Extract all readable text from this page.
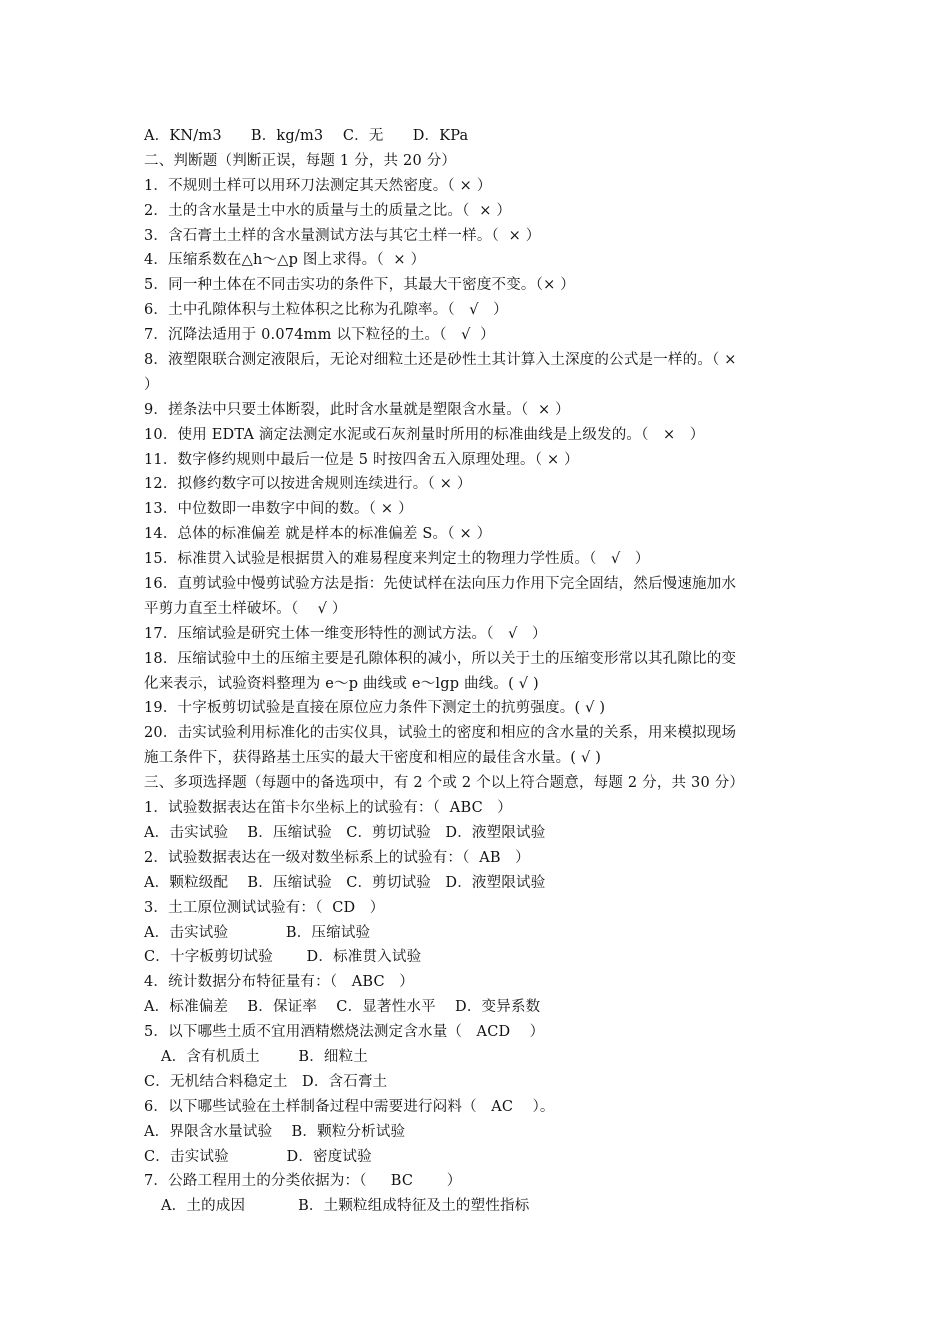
A．KN/m3 　  B．kg/m3 　C．无　   D．KPa
二、判断题（判断正误，每题 1 分，共 20 分）
1．不规则土样可以用环刀法测定其天然密度。（ × ）
2．土的含水量是土中水的质量与土的质量之比。（  × ）
3．含石膏土土样的含水量测试方法与其它土样一样。（  × ）
4．压缩系数在△h～△p 图上求得。（  × ）
5．同一种土体在不同击实功的条件下，其最大干密度不变。（× ）
6．土中孔隙体积与土粒体积之比称为孔隙率。（   √   ）
7．沉降法适用于 0.074mm 以下粒径的土。（   √  ）
8．液塑限联合测定液限后，无论对细粒土还是砂性土其计算入土深度的公式是一样的。（ ×
）
9．搓条法中只要土体断裂，此时含水量就是塑限含水量。（  × ）
10．使用 EDTA 滴定法测定水泥或石灰剂量时所用的标准曲线是上级发的。（   ×   ）
11．数字修约规则中最后一位是 5 时按四舍五入原理处理。（ × ）
12．拟修约数字可以按进舍规则连续进行。（ × ）
13．中位数即一串数字中间的数。（ × ）
14．总体的标准偏差 就是样本的标准偏差 S。（ × ）
15．标准贯入试验是根据贯入的难易程度来判定土的物理力学性质。（   √   ）
16．直剪试验中慢剪试验方法是指：先使试样在法向压力作用下完全固结，然后慢速施加水
平剪力直至土样破坏。（    √ ）
17．压缩试验是研究土体一维变形特性的测试方法。（   √   ）
18．压缩试验中土的压缩主要是孔隙体积的减小，所以关于土的压缩变形常以其孔隙比的变
化来表示，试验资料整理为 e～p 曲线或 e～lgp 曲线。( √ )
19．十字板剪切试验是直接在原位应力条件下测定土的抗剪强度。( √ )
20．击实试验利用标准化的击实仪具，试验土的密度和相应的含水量的关系，用来模拟现场
施工条件下，获得路基土压实的最大干密度和相应的最佳含水量。( √ )
三、多项选择题（每题中的备选项中，有 2 个或 2 个以上符合题意，每题 2 分，共 30 分）
1．试验数据表达在笛卡尔坐标上的试验有：（  ABC   ）
A．击实试验    B．压缩试验   C．剪切试验   D．液塑限试验
2．试验数据表达在一级对数坐标系上的试验有：（  AB   ）
A．颗粒级配    B．压缩试验   C．剪切试验   D．液塑限试验
3．土工原位测试试验有：（  CD   ）
A．击实试验            B．压缩试验
C．十字板剪切试验       D．标准贯入试验
4．统计数据分布特征量有：（   ABC   ）
A．标准偏差    B．保证率    C．显著性水平    D．变异系数
5．以下哪些土质不宜用酒精燃烧法测定含水量（   ACD    ）
A．含有机质土        B．细粒土
C．无机结合料稳定土   D．含石膏土
6．以下哪些试验在土样制备过程中需要进行闷料（   AC    ）。
A．界限含水量试验    B．颗粒分析试验
C．击实试验            D．密度试验
7．公路工程用土的分类依据为：（     BC       ）
A．土的成因           B．土颗粒组成特征及土的塑性指标
